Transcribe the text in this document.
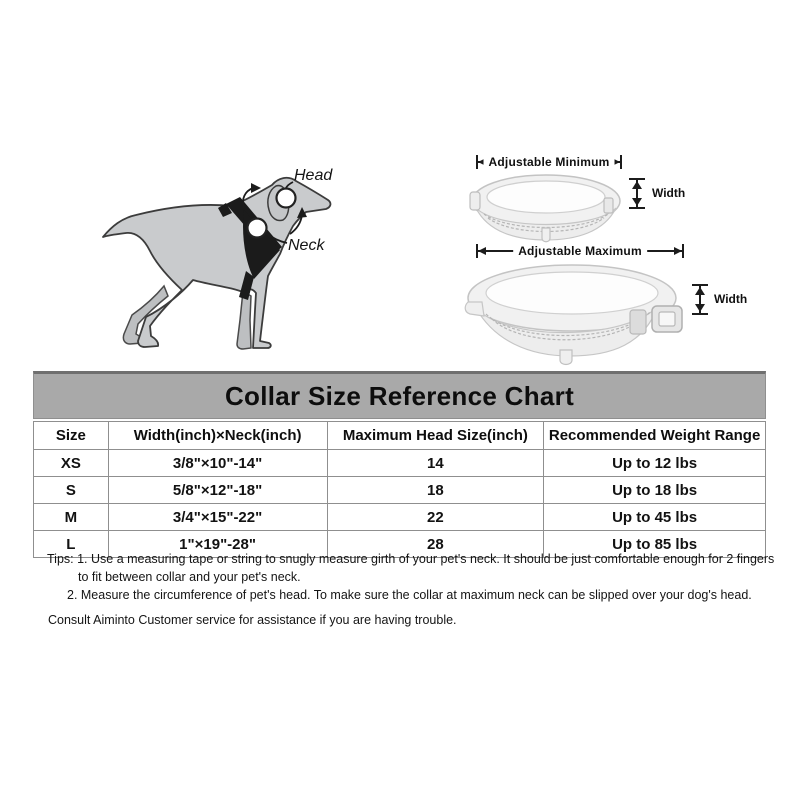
Head
Neck
Adjustable Minimum
Width
Adjustable Maximum
Width
Collar Size Reference Chart
Size	Width(inch)×Neck(inch)	Maximum Head Size(inch)	Recommended Weight Range
XS	3/8"×10"-14"	14	Up to 12 lbs
S	5/8"×12"-18"	18	Up to 18 lbs
M	3/4"×15"-22"	22	Up to 45 lbs
L	1"×19"-28"	28	Up to 85 lbs
Tips: 1. Use a measuring tape or string to snugly measure girth of your pet's neck. It should be just comfortable enough for 2 fingers
to fit between collar and your pet's neck.
2. Measure the circumference of pet's head. To make sure the collar at maximum neck can be slipped over your dog's head.
Consult Aiminto Customer service for assistance if you are having trouble.
